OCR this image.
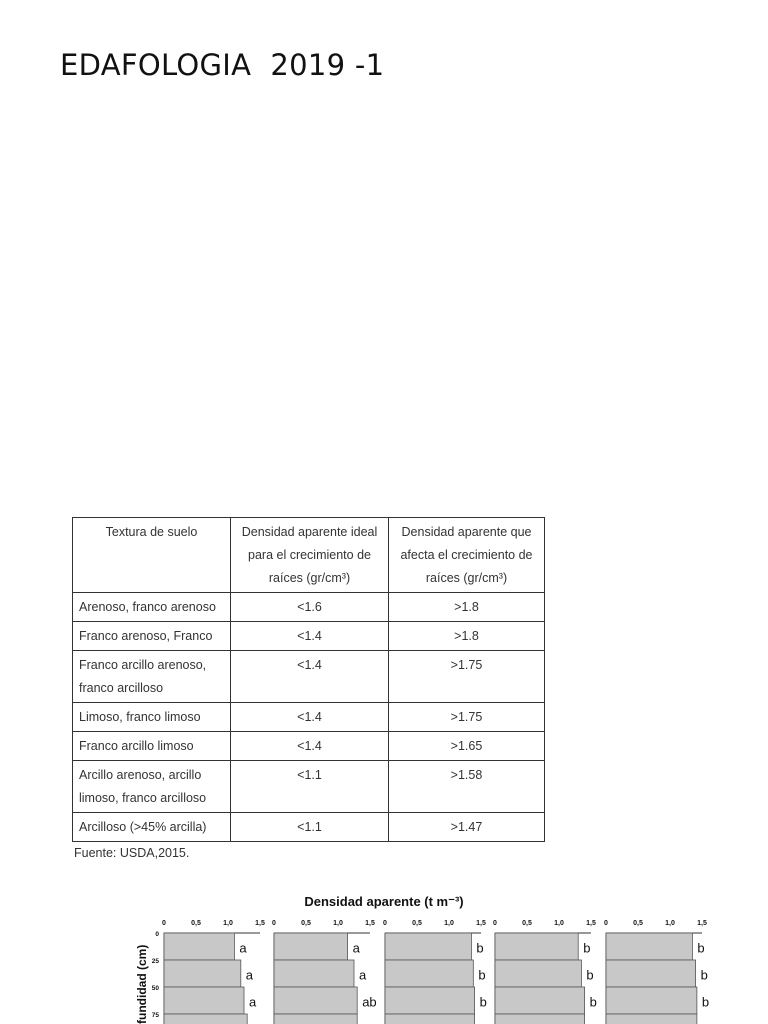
EDAFOLOGIA  2019 -1
Textura de suelo	Densidad aparente ideal para el crecimiento de raíces (gr/cm³)	Densidad aparente que afecta el crecimiento de raíces (gr/cm³)
Arenoso, franco arenoso	<1.6	>1.8
Franco arenoso, Franco	<1.4	>1.8
Franco arcillo arenoso, franco arcilloso	<1.4	>1.75
Limoso, franco limoso	<1.4	>1.75
Franco arcillo limoso	<1.4	>1.65
Arcillo arenoso, arcillo limoso, franco arcilloso	<1.1	>1.58
Arcilloso (>45% arcilla)	<1.1	>1.47
Fuente: USDA,2015.
Densidad aparente (t m⁻³)
fundidad (cm)
0
25
50
75
0	0,5	1,0	1,5
a
a
a
0	0,5	1,0	1,5
a
a
ab
0	0,5	1,0	1,5
b
b
b
0	0,5	1,0	1,5
b
b
b
0	0,5	1,0	1,5
b
b
b
